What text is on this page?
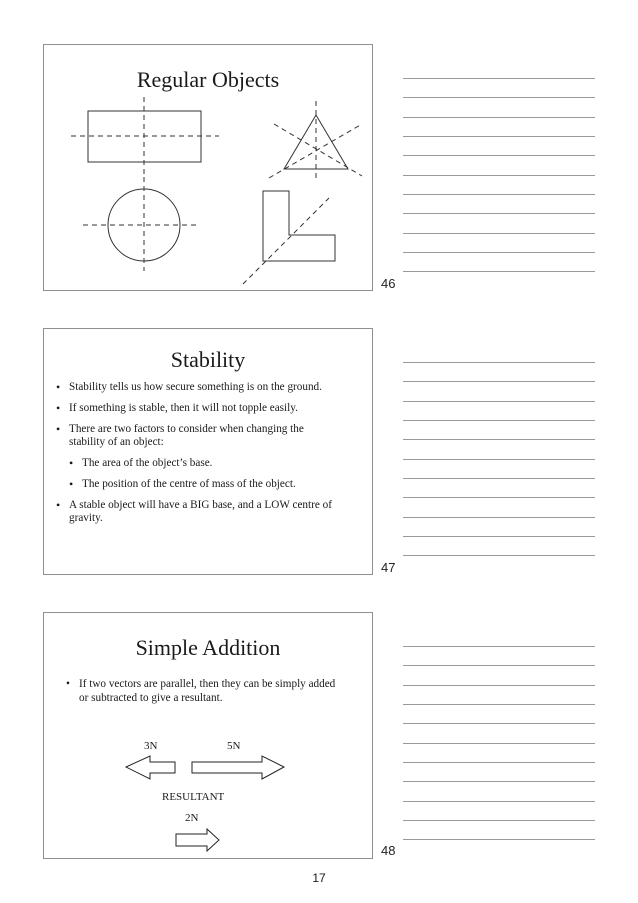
Regular Objects
46
Stability
• Stability tells us how secure something is on the ground.
• If something is stable, then it will not topple easily.
• There are two factors to consider when changing the stability of an object:
• The area of the object’s base.
• The position of the centre of mass of the object.
• A stable object will have a BIG base, and a LOW centre of gravity.
47
Simple Addition
• If two vectors are parallel, then they can be simply added or subtracted to give a resultant.
3N	5N
RESULTANT
2N
48
17
